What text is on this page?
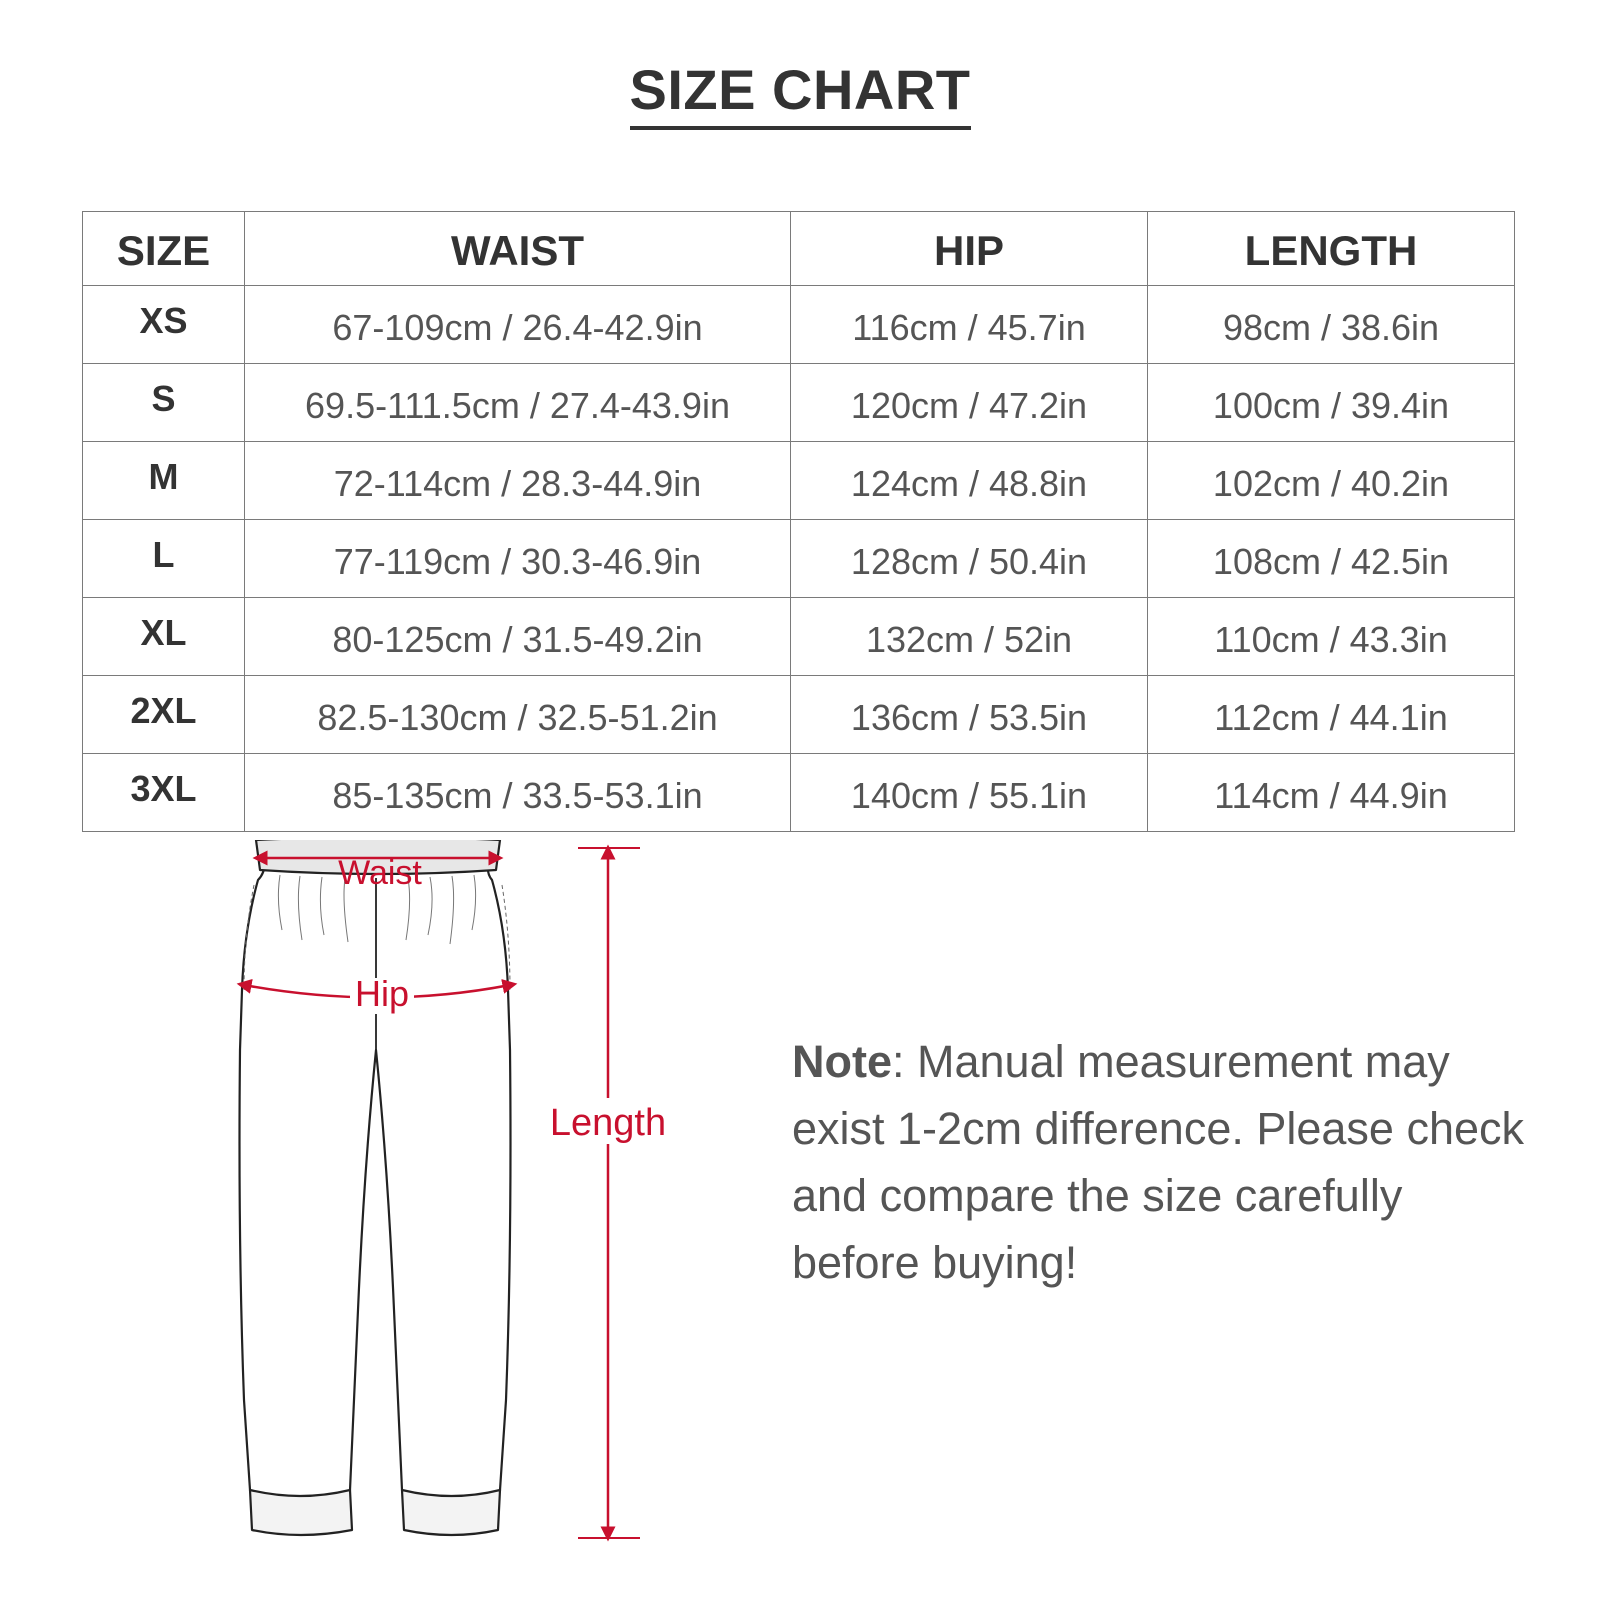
SIZE CHART
SIZE	WAIST	HIP	LENGTH
XS	67-109cm / 26.4-42.9in	116cm / 45.7in	98cm / 38.6in
S	69.5-111.5cm / 27.4-43.9in	120cm / 47.2in	100cm / 39.4in
M	72-114cm / 28.3-44.9in	124cm / 48.8in	102cm / 40.2in
L	77-119cm / 30.3-46.9in	128cm / 50.4in	108cm / 42.5in
XL	80-125cm / 31.5-49.2in	132cm / 52in	110cm / 43.3in
2XL	82.5-130cm / 32.5-51.2in	136cm / 53.5in	112cm / 44.1in
3XL	85-135cm / 33.5-53.1in	140cm / 55.1in	114cm / 44.9in
Waist
Hip
Length
Note: Manual measurement may exist 1-2cm difference. Please check and compare the size carefully before buying!
